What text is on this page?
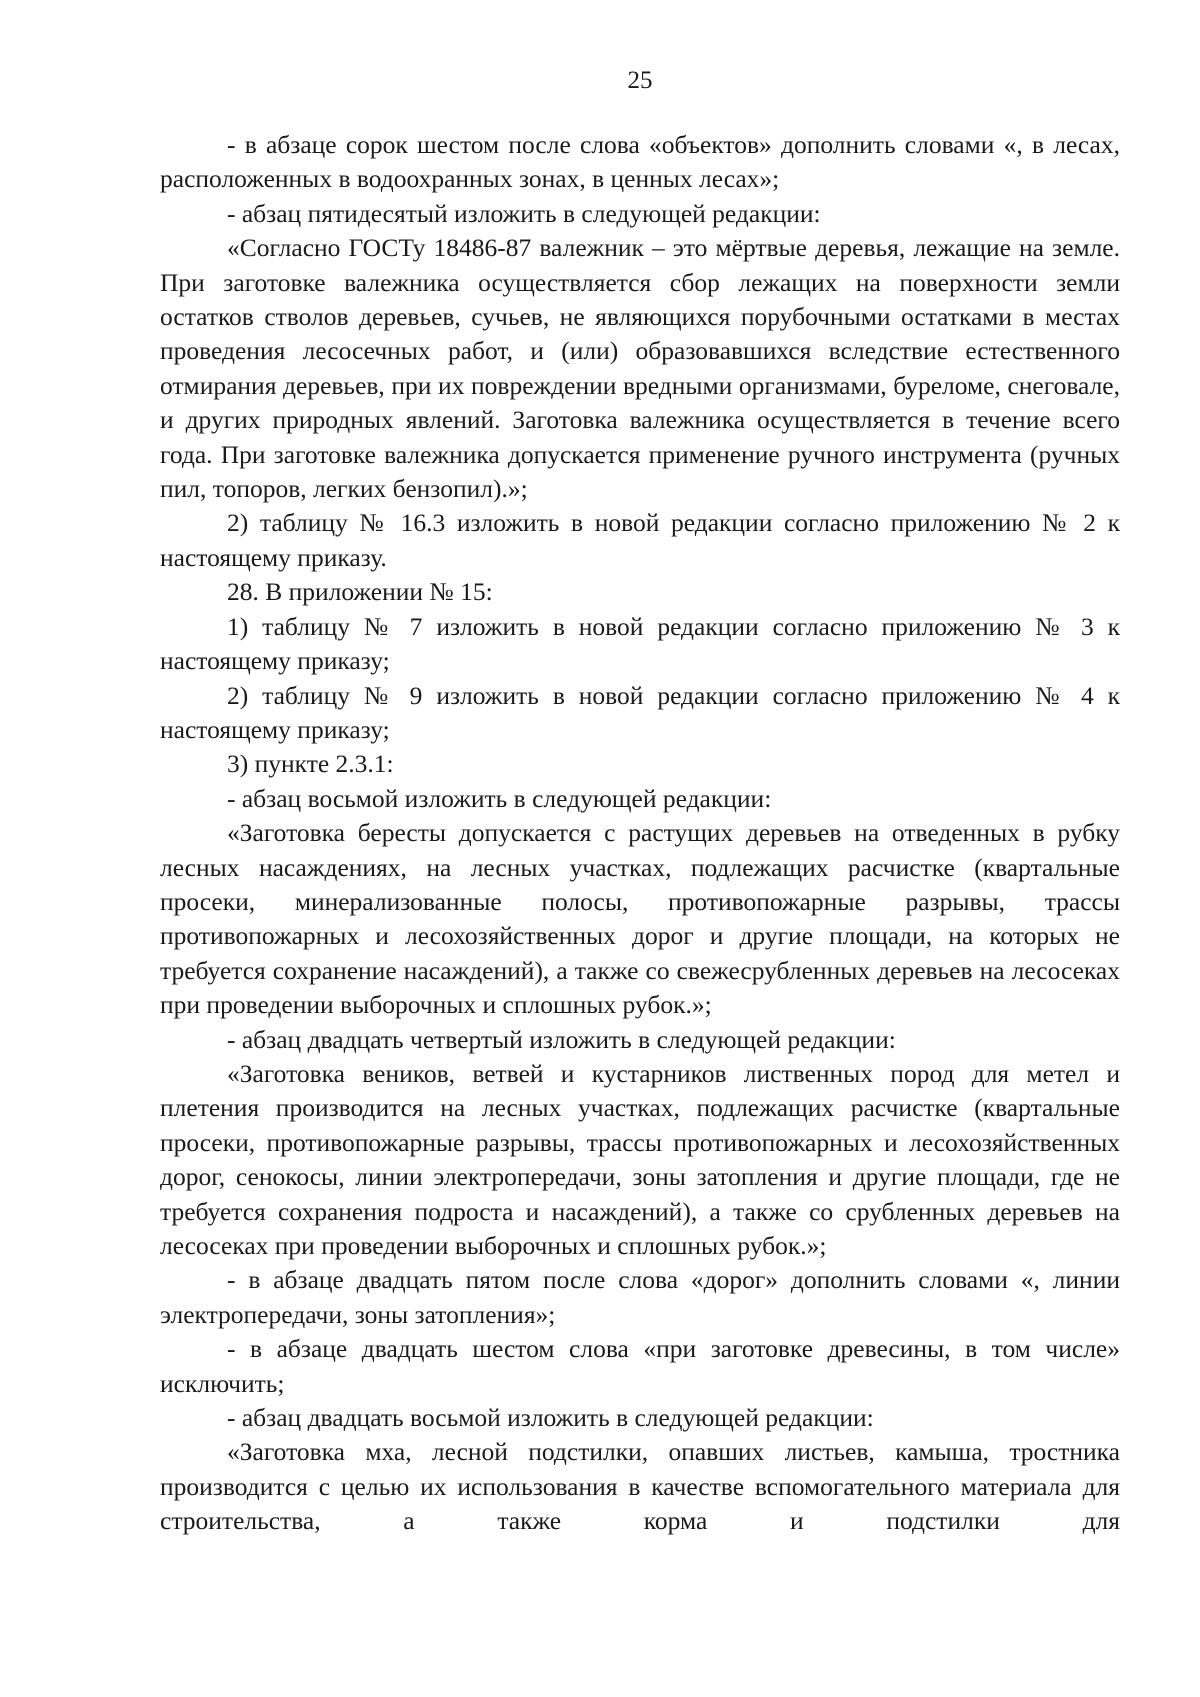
25

- в абзаце сорок шестом после слова «объектов» дополнить словами «, в лесах, расположенных в водоохранных зонах, в ценных лесах»;

- абзац пятидесятый изложить в следующей редакции:

«Согласно ГОСТу 18486-87 валежник – это мёртвые деревья, лежащие на земле. При заготовке валежника осуществляется сбор лежащих на поверхности земли остатков стволов деревьев, сучьев, не являющихся порубочными остатками в местах проведения лесосечных работ, и (или) образовавшихся вследствие естественного отмирания деревьев, при их повреждении вредными организмами, буреломе, снеговале, и других природных явлений. Заготовка валежника осуществляется в течение всего года. При заготовке валежника допускается применение ручного инструмента (ручных пил, топоров, легких бензопил).»;

2) таблицу № 16.3 изложить в новой редакции согласно приложению № 2 к настоящему приказу.

28. В приложении № 15:

1) таблицу № 7 изложить в новой редакции согласно приложению № 3 к настоящему приказу;

2) таблицу № 9 изложить в новой редакции согласно приложению № 4 к настоящему приказу;

3) пункте 2.3.1:

- абзац восьмой изложить в следующей редакции:

«Заготовка бересты допускается с растущих деревьев на отведенных в рубку лесных насаждениях, на лесных участках, подлежащих расчистке (квартальные просеки, минерализованные полосы, противопожарные разрывы, трассы противопожарных и лесохозяйственных дорог и другие площади, на которых не требуется сохранение насаждений), а также со свежесрубленных деревьев на лесосеках при проведении выборочных и сплошных рубок.»;

- абзац двадцать четвертый изложить в следующей редакции:

«Заготовка веников, ветвей и кустарников лиственных пород для метел и плетения производится на лесных участках, подлежащих расчистке (квартальные просеки, противопожарные разрывы, трассы противопожарных и лесохозяйственных дорог, сенокосы, линии электропередачи, зоны затопления и другие площади, где не требуется сохранения подроста и насаждений), а также со срубленных деревьев на лесосеках при проведении выборочных и сплошных рубок.»;

- в абзаце двадцать пятом после слова «дорог» дополнить словами «, линии электропередачи, зоны затопления»;

- в абзаце двадцать шестом слова «при заготовке древесины, в том числе» исключить;

- абзац двадцать восьмой изложить в следующей редакции:

«Заготовка мха, лесной подстилки, опавших листьев, камыша, тростника производится с целью их использования в качестве вспомогательного материала для строительства, а также корма и подстилки для
